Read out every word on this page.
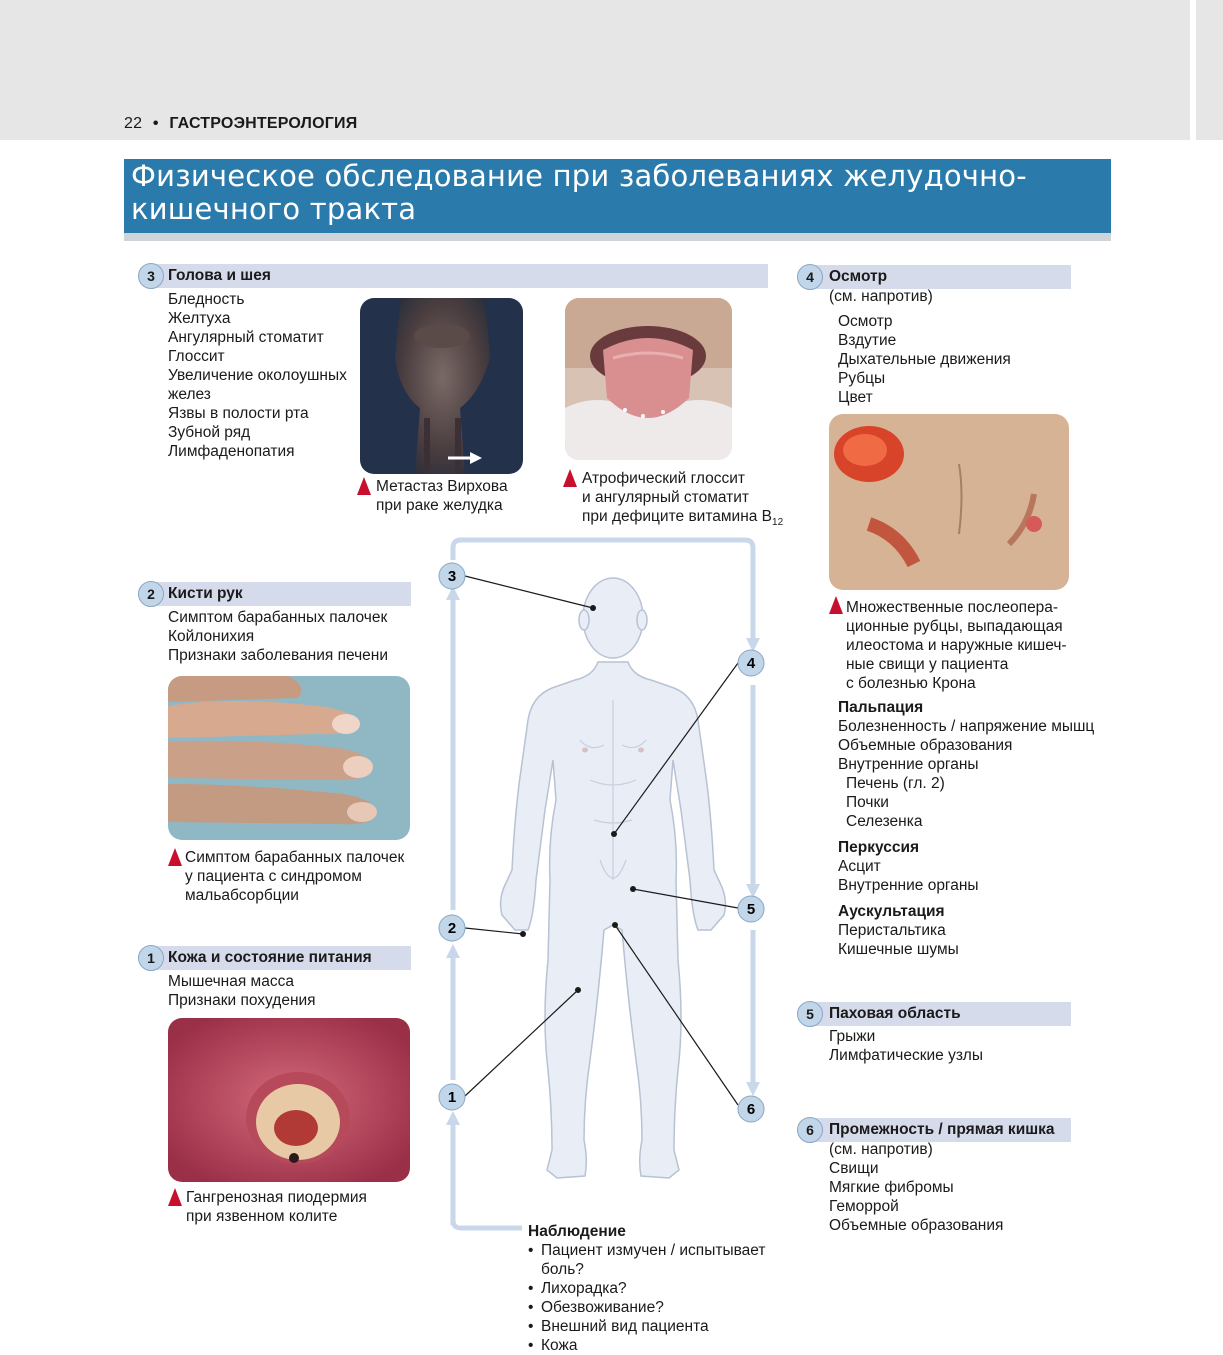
22 • ГАСТРОЭНТЕРОЛОГИЯ
Физическое обследование при заболеваниях желудочно-кишечного тракта
3
2
1
4
5
6
Голова и шея
3
Бледность
Желтуха
Ангулярный стоматит
Глоссит
Увеличение околоушных
желез
Язвы в полости рта
Зубной ряд
Лимфаденопатия
Метастаз Вирхова
при раке желудка
Атрофический глоссит
и ангулярный стоматит
при дефиците витамина $B_{12}$
Кисти рук
2
Симптом барабанных палочек
Койлонихия
Признаки заболевания печени
Симптом барабанных палочек
у пациента с синдромом
мальабсорбции
Кожа и состояние питания
1
Мышечная масса
Признаки похудения
Гангренозная пиодермия
при язвенном колите
Осмотр
4
(см. напротив)
Осмотр
Вздутие
Дыхательные движения
Рубцы
Цвет
Множественные послеопера-
ционные рубцы, выпадающая
илеостома и наружные кишеч-
ные свищи у пациента
с болезнью Крона
Пальпация
Болезненность / напряжение мышц
Объемные образования
Внутренние органы
Печень (гл. 2)
Почки
Селезенка
Перкуссия
Асцит
Внутренние органы
Аускультация
Перистальтика
Кишечные шумы
Паховая область
5
Грыжи
Лимфатические узлы
Промежность / прямая кишка
6
(см. напротив)
Свищи
Мягкие фибромы
Геморрой
Объемные образования
Наблюдение
• Пациент измучен / испытывает
боль?
• Лихорадка?
• Обезвоживание?
• Внешний вид пациента
• Кожа
